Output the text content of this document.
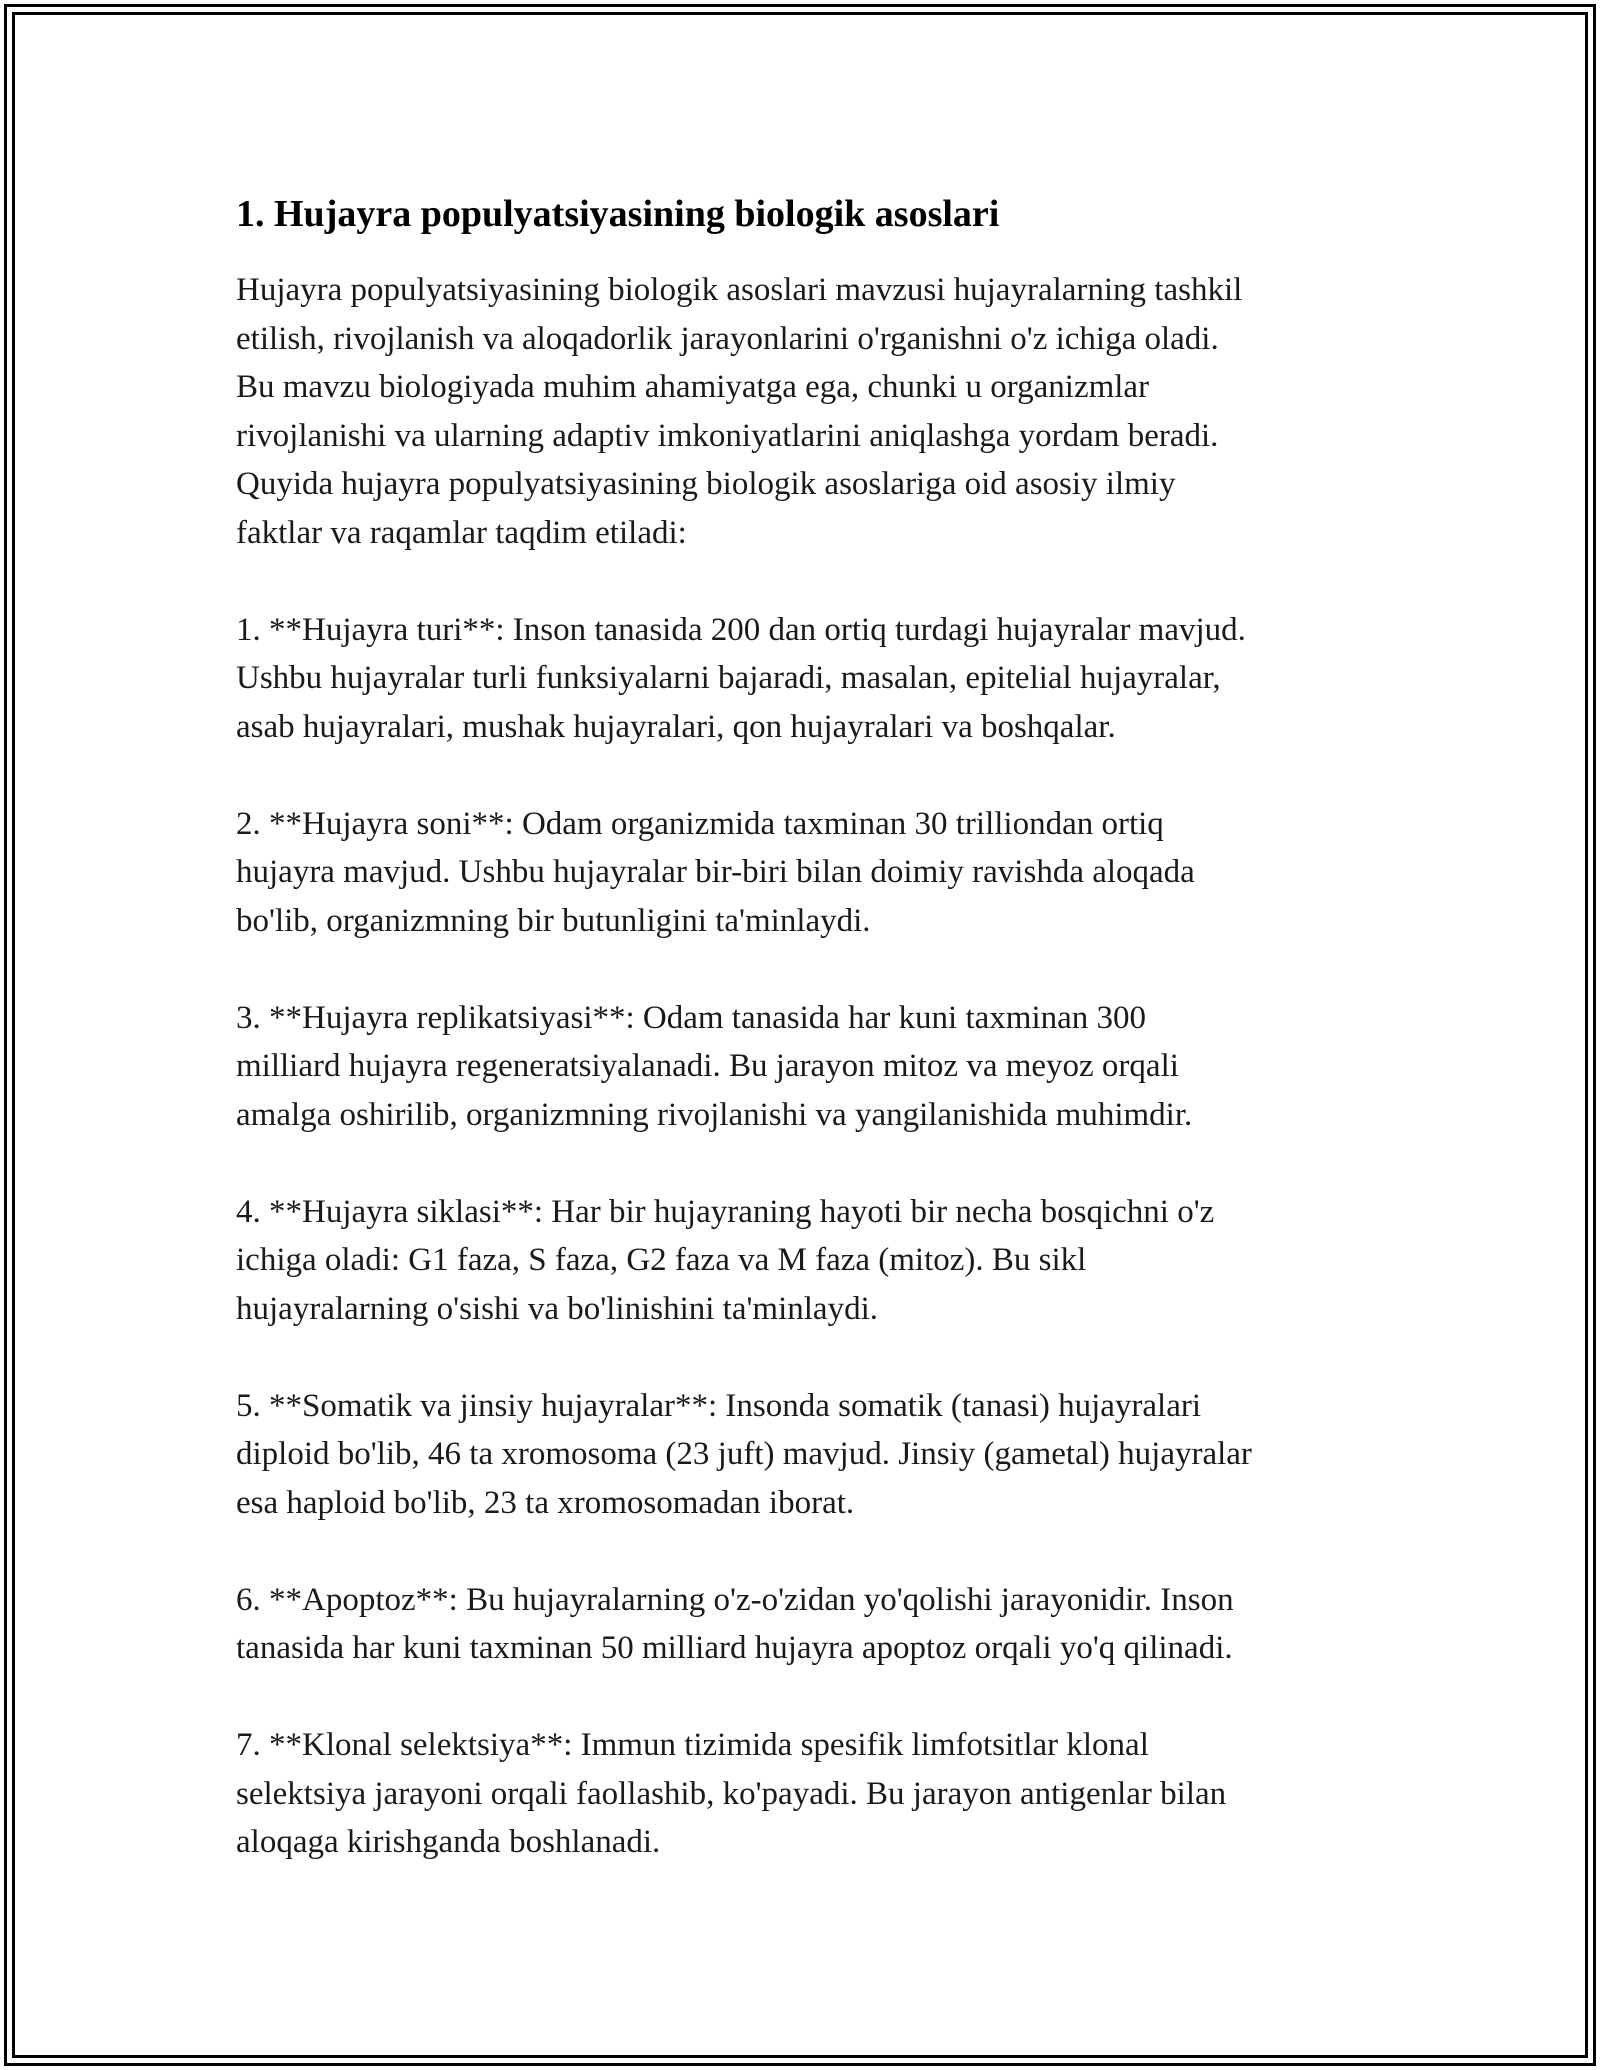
1. Hujayra populyatsiyasining biologik asoslari

Hujayra populyatsiyasining biologik asoslari mavzusi hujayralarning tashkil
etilish, rivojlanish va aloqadorlik jarayonlarini o'rganishni o'z ichiga oladi.
Bu mavzu biologiyada muhim ahamiyatga ega, chunki u organizmlar
rivojlanishi va ularning adaptiv imkoniyatlarini aniqlashga yordam beradi.
Quyida hujayra populyatsiyasining biologik asoslariga oid asosiy ilmiy
faktlar va raqamlar taqdim etiladi:

1. **Hujayra turi**: Inson tanasida 200 dan ortiq turdagi hujayralar mavjud.
Ushbu hujayralar turli funksiyalarni bajaradi, masalan, epitelial hujayralar,
asab hujayralari, mushak hujayralari, qon hujayralari va boshqalar.

2. **Hujayra soni**: Odam organizmida taxminan 30 trilliondan ortiq
hujayra mavjud. Ushbu hujayralar bir-biri bilan doimiy ravishda aloqada
bo'lib, organizmning bir butunligini ta'minlaydi.

3. **Hujayra replikatsiyasi**: Odam tanasida har kuni taxminan 300
milliard hujayra regeneratsiyalanadi. Bu jarayon mitoz va meyoz orqali
amalga oshirilib, organizmning rivojlanishi va yangilanishida muhimdir.

4. **Hujayra siklasi**: Har bir hujayraning hayoti bir necha bosqichni o'z
ichiga oladi: G1 faza, S faza, G2 faza va M faza (mitoz). Bu sikl
hujayralarning o'sishi va bo'linishini ta'minlaydi.

5. **Somatik va jinsiy hujayralar**: Insonda somatik (tanasi) hujayralari
diploid bo'lib, 46 ta xromosoma (23 juft) mavjud. Jinsiy (gametal) hujayralar
esa haploid bo'lib, 23 ta xromosomadan iborat.

6. **Apoptoz**: Bu hujayralarning o'z-o'zidan yo'qolishi jarayonidir. Inson
tanasida har kuni taxminan 50 milliard hujayra apoptoz orqali yo'q qilinadi.

7. **Klonal selektsiya**: Immun tizimida spesifik limfotsitlar klonal
selektsiya jarayoni orqali faollashib, ko'payadi. Bu jarayon antigenlar bilan
aloqaga kirishganda boshlanadi.
